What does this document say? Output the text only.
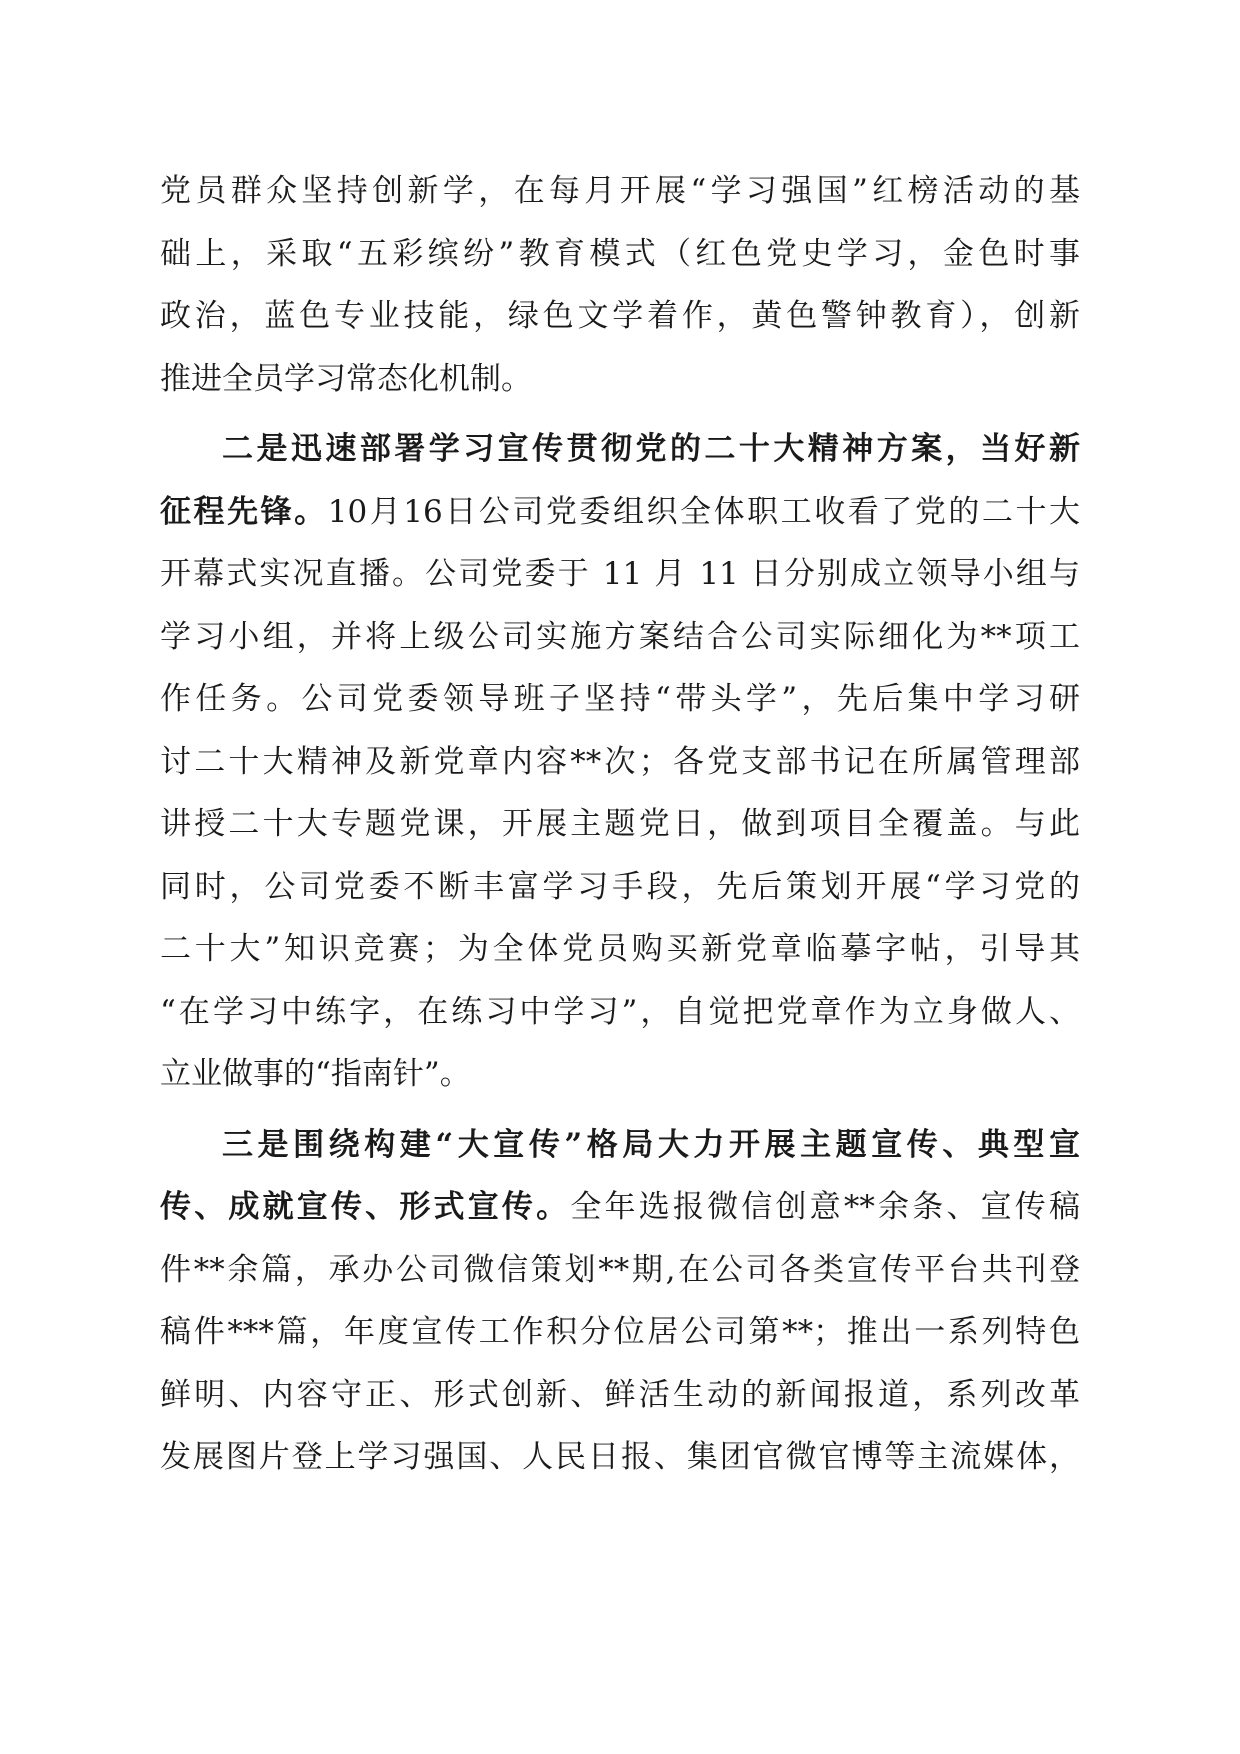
党员群众坚持创新学，在每月开展“学习强国”红榜活动的基
础上，采取“五彩缤纷”教育模式（红色党史学习，金色时事
政治，蓝色专业技能，绿色文学着作，黄色警钟教育），创新
推进全员学习常态化机制。
二是迅速部署学习宣传贯彻党的二十大精神方案，当好新
征程先锋。10月16日公司党委组织全体职工收看了党的二十大
开幕式实况直播。公司党委于 11 月 11 日分别成立领导小组与
学习小组，并将上级公司实施方案结合公司实际细化为**项工
作任务。公司党委领导班子坚持“带头学”，先后集中学习研
讨二十大精神及新党章内容**次；各党支部书记在所属管理部
讲授二十大专题党课，开展主题党日，做到项目全覆盖。与此
同时，公司党委不断丰富学习手段，先后策划开展“学习党的
二十大”知识竞赛；为全体党员购买新党章临摹字帖，引导其
“在学习中练字，在练习中学习”，自觉把党章作为立身做人、
立业做事的“指南针”。
三是围绕构建“大宣传”格局大力开展主题宣传、典型宣
传、成就宣传、形式宣传。全年选报微信创意**余条、宣传稿
件**余篇，承办公司微信策划**期,在公司各类宣传平台共刊登
稿件***篇，年度宣传工作积分位居公司第**；推出一系列特色
鲜明、内容守正、形式创新、鲜活生动的新闻报道，系列改革
发展图片登上学习强国、人民日报、集团官微官博等主流媒体，
